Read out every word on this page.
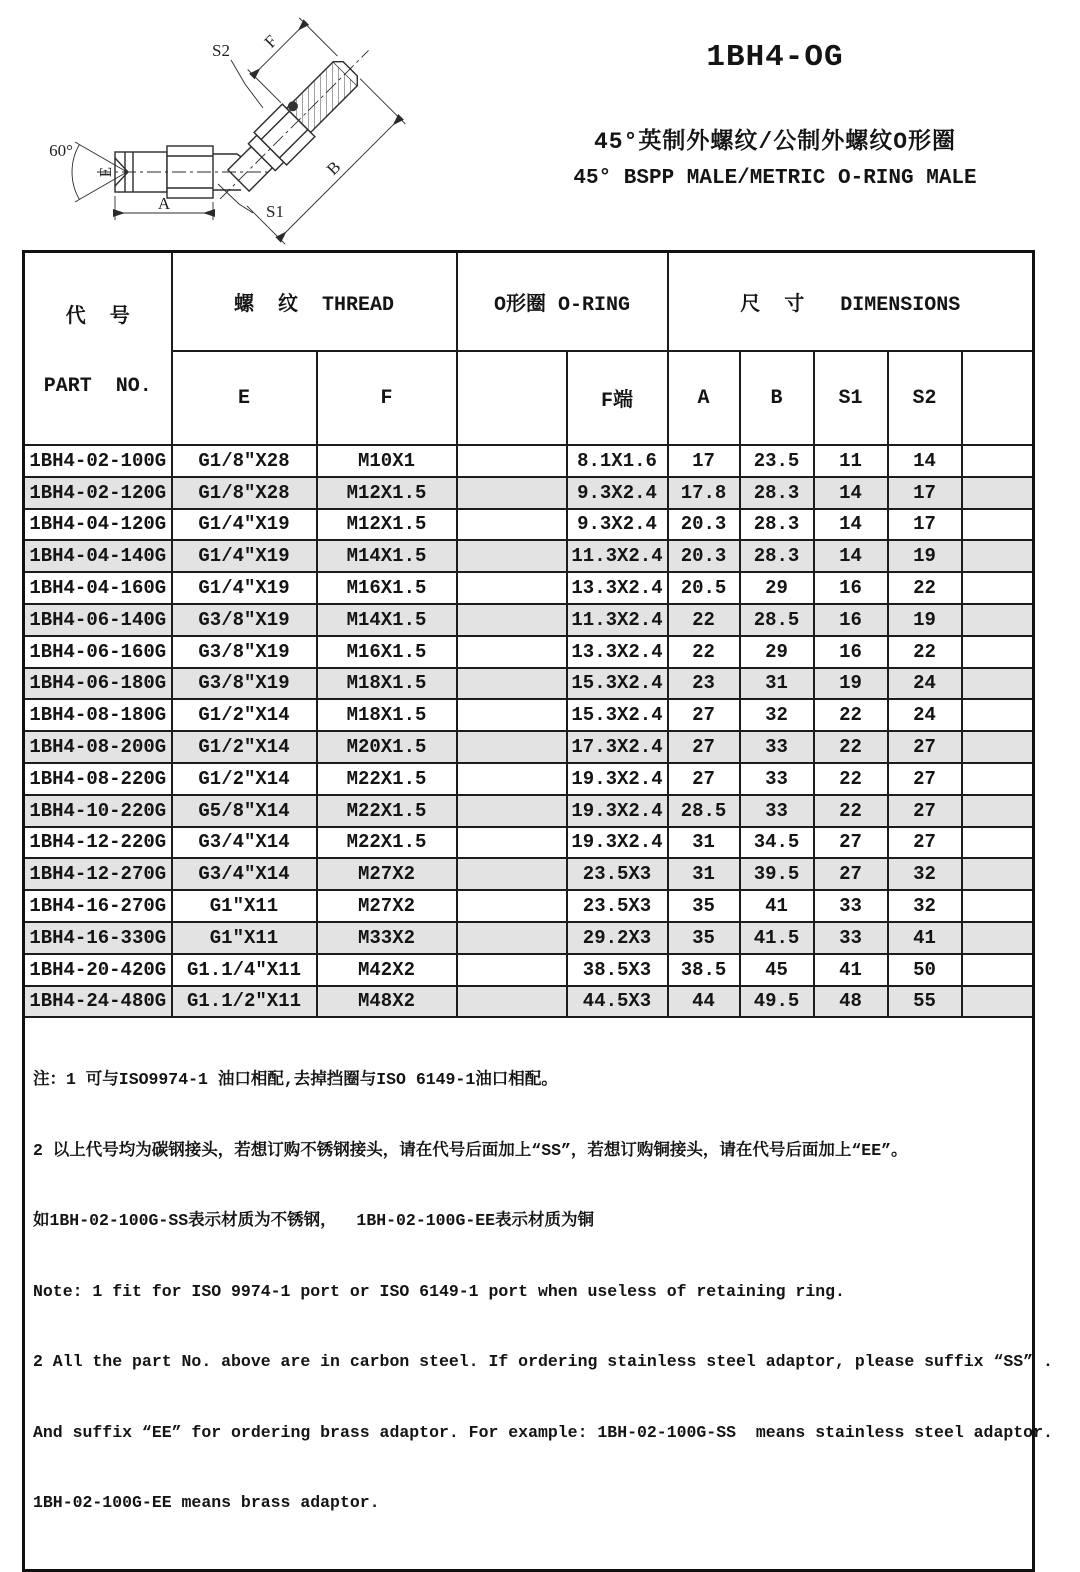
B
F
60°
E
A
S2
S1
1BH4-OG
45°英制外螺纹/公制外螺纹O形圈
45° BSPP MALE/METRIC O-RING MALE

代  号

PART  NO.	螺  纹  THREAD		O形圈 O-RING		尺  寸   DIMENSIONS				
	E	F		F端	A	B	S1	S2	
1BH4-02-100G	G1/8″X28	M10X1		8.1X1.6	17	23.5	11	14	
1BH4-02-120G	G1/8″X28	M12X1.5		9.3X2.4	17.8	28.3	14	17	
1BH4-04-120G	G1/4″X19	M12X1.5		9.3X2.4	20.3	28.3	14	17	
1BH4-04-140G	G1/4″X19	M14X1.5		11.3X2.4	20.3	28.3	14	19	
1BH4-04-160G	G1/4″X19	M16X1.5		13.3X2.4	20.5	29	16	22	
1BH4-06-140G	G3/8″X19	M14X1.5		11.3X2.4	22	28.5	16	19	
1BH4-06-160G	G3/8″X19	M16X1.5		13.3X2.4	22	29	16	22	
1BH4-06-180G	G3/8″X19	M18X1.5		15.3X2.4	23	31	19	24	
1BH4-08-180G	G1/2″X14	M18X1.5		15.3X2.4	27	32	22	24	
1BH4-08-200G	G1/2″X14	M20X1.5		17.3X2.4	27	33	22	27	
1BH4-08-220G	G1/2″X14	M22X1.5		19.3X2.4	27	33	22	27	
1BH4-10-220G	G5/8″X14	M22X1.5		19.3X2.4	28.5	33	22	27	
1BH4-12-220G	G3/4″X14	M22X1.5		19.3X2.4	31	34.5	27	27	
1BH4-12-270G	G3/4″X14	M27X2		23.5X3	31	39.5	27	32	
1BH4-16-270G	G1″X11	M27X2		23.5X3	35	41	33	32	
1BH4-16-330G	G1″X11	M33X2		29.2X3	35	41.5	33	41	
1BH4-20-420G	G1.1/4″X11	M42X2		38.5X3	38.5	45	41	50	
1BH4-24-480G	G1.1/2″X11	M48X2		44.5X3	44	49.5	48	55	

注：1 可与ISO9974-1 油口相配,去掉挡圈与ISO 6149-1油口相配。

2 以上代号均为碳钢接头，若想订购不锈钢接头，请在代号后面加上“SS”，若想订购铜接头，请在代号后面加上“EE”。

如1BH-02-100G-SS表示材质为不锈钢，  1BH-02-100G-EE表示材质为铜

Note: 1 fit for ISO 9974-1 port or ISO 6149-1 port when useless of retaining ring.

2 All the part No. above are in carbon steel. If ordering stainless steel adaptor, please suffix “SS” .

And suffix “EE” for ordering brass adaptor. For example: 1BH-02-100G-SS  means stainless steel adaptor.

1BH-02-100G-EE means brass adaptor.
